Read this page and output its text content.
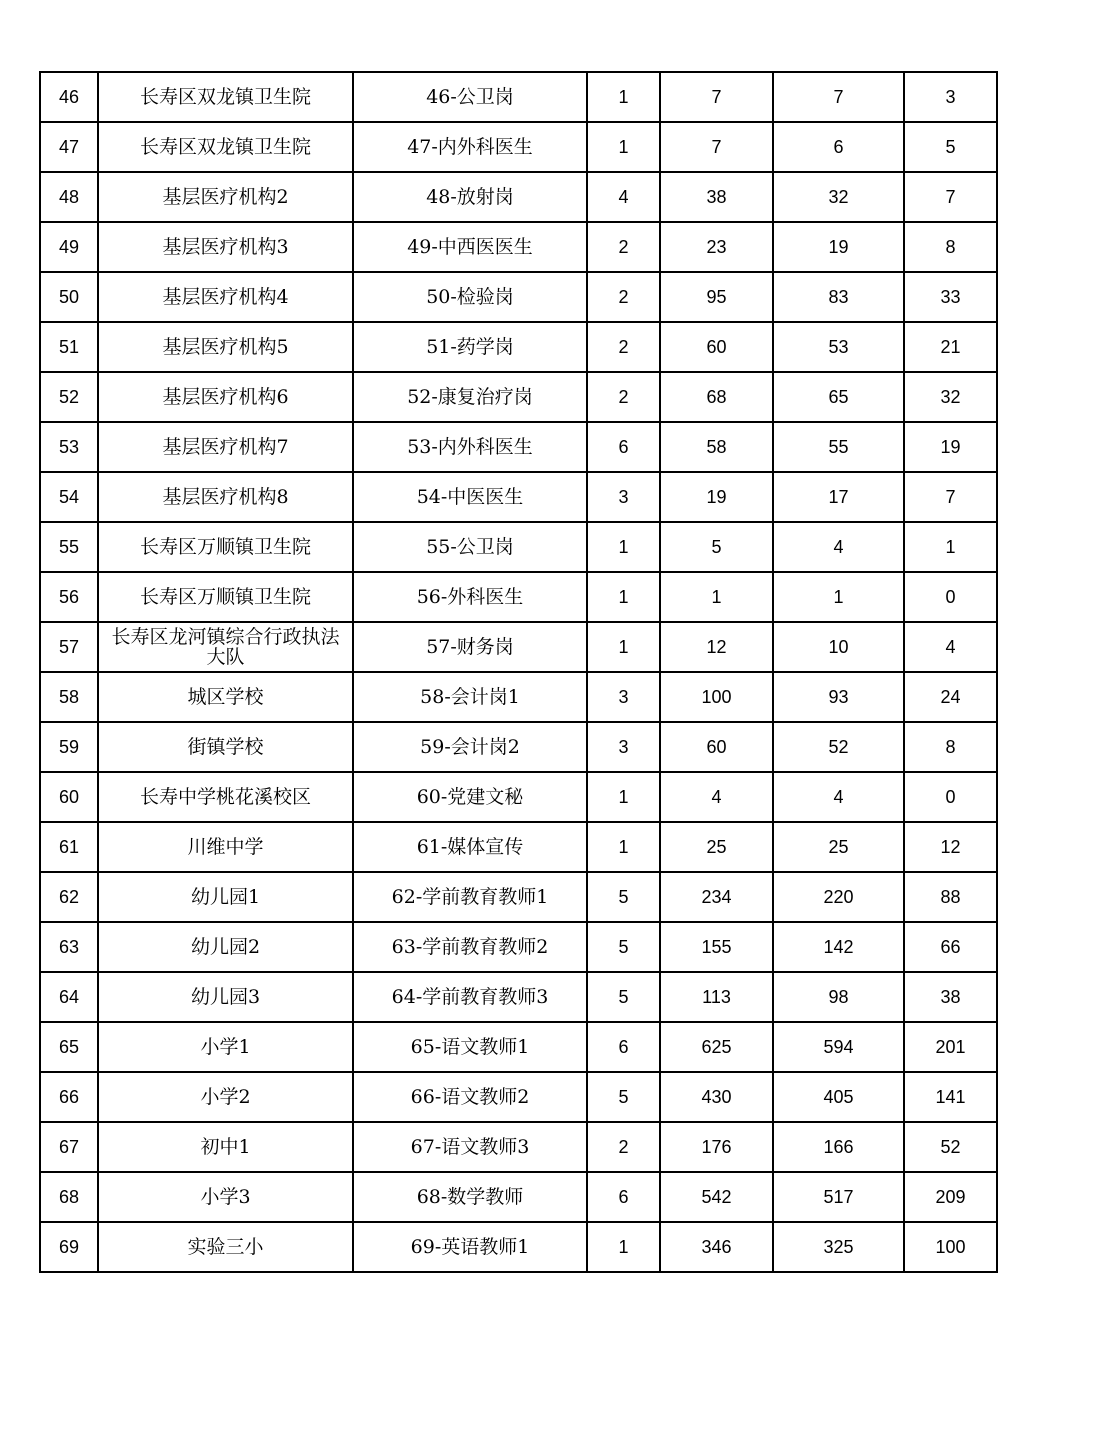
46	长寿区双龙镇卫生院	46-公卫岗	1	7	7	3
47	长寿区双龙镇卫生院	47-内外科医生	1	7	6	5
48	基层医疗机构2	48-放射岗	4	38	32	7
49	基层医疗机构3	49-中西医医生	2	23	19	8
50	基层医疗机构4	50-检验岗	2	95	83	33
51	基层医疗机构5	51-药学岗	2	60	53	21
52	基层医疗机构6	52-康复治疗岗	2	68	65	32
53	基层医疗机构7	53-内外科医生	6	58	55	19
54	基层医疗机构8	54-中医医生	3	19	17	7
55	长寿区万顺镇卫生院	55-公卫岗	1	5	4	1
56	长寿区万顺镇卫生院	56-外科医生	1	1	1	0
57	长寿区龙河镇综合行政执法大队	57-财务岗	1	12	10	4
58	城区学校	58-会计岗1	3	100	93	24
59	街镇学校	59-会计岗2	3	60	52	8
60	长寿中学桃花溪校区	60-党建文秘	1	4	4	0
61	川维中学	61-媒体宣传	1	25	25	12
62	幼儿园1	62-学前教育教师1	5	234	220	88
63	幼儿园2	63-学前教育教师2	5	155	142	66
64	幼儿园3	64-学前教育教师3	5	113	98	38
65	小学1	65-语文教师1	6	625	594	201
66	小学2	66-语文教师2	5	430	405	141
67	初中1	67-语文教师3	2	176	166	52
68	小学3	68-数学教师	6	542	517	209
69	实验三小	69-英语教师1	1	346	325	100
